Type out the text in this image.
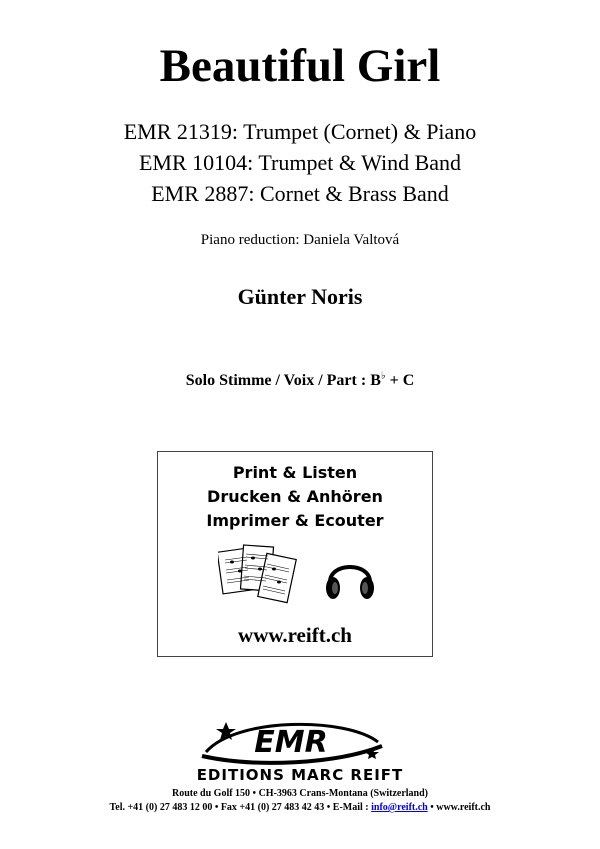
Beautiful Girl
EMR 21319: Trumpet (Cornet) & Piano
EMR 10104: Trumpet & Wind Band
EMR 2887: Cornet & Brass Band
Piano reduction: Daniela Valtová
Günter Noris
Solo Stimme / Voix / Part : B♭ + C
Print & Listen
Drucken & Anhören
Imprimer & Ecouter
www.reift.ch
EMR
EDITIONS MARC REIFT
Route du Golf 150 • CH-3963 Crans-Montana (Switzerland)
Tel. +41 (0) 27 483 12 00 • Fax +41 (0) 27 483 42 43 • E-Mail : info@reift.ch • www.reift.ch
